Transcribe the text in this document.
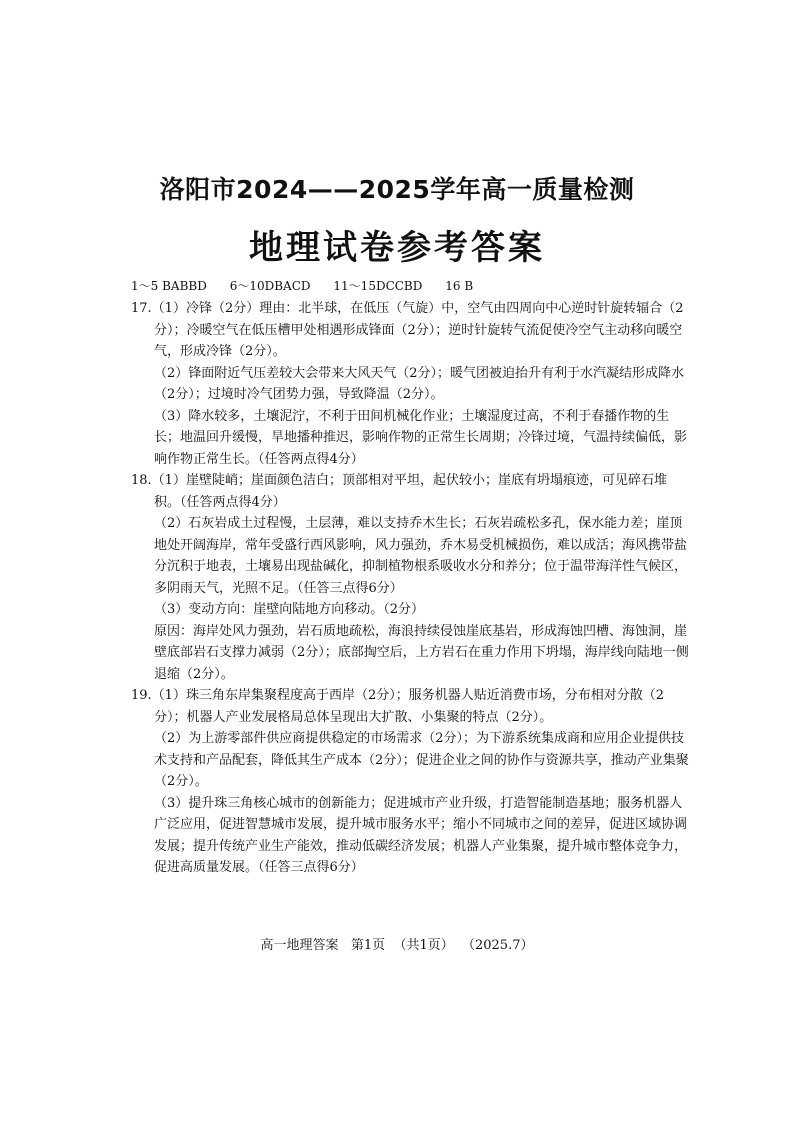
洛阳市2024——2025学年高一质量检测
地理试卷参考答案
1～5 BABBD      6～10DBACD      11～15DCCBD      16 B

17.（1）冷锋（2分）理由：北半球，在低压（气旋）中，空气由四周向中心逆时针旋转辐合（2分）；冷暖空气在低压槽甲处相遇形成锋面（2分）；逆时针旋转气流促使冷空气主动移向暖空气，形成冷锋（2分）。

（2）锋面附近气压差较大会带来大风天气（2分）；暖气团被迫抬升有利于水汽凝结形成降水（2分）；过境时冷气团势力强，导致降温（2分）。

（3）降水较多，土壤泥泞，不利于田间机械化作业；土壤湿度过高，不利于春播作物的生长；地温回升缓慢，旱地播种推迟，影响作物的正常生长周期；冷锋过境，气温持续偏低，影响作物正常生长。（任答两点得4分）

18.（1）崖壁陡峭；崖面颜色洁白；顶部相对平坦，起伏较小；崖底有坍塌痕迹，可见碎石堆积。（任答两点得4分）

（2）石灰岩成土过程慢，土层薄，难以支持乔木生长；石灰岩疏松多孔，保水能力差；崖顶地处开阔海岸，常年受盛行西风影响，风力强劲，乔木易受机械损伤，难以成活；海风携带盐分沉积于地表，土壤易出现盐碱化，抑制植物根系吸收水分和养分；位于温带海洋性气候区，多阴雨天气，光照不足。（任答三点得6分）

（3）变动方向：崖壁向陆地方向移动。（2分）

原因：海岸处风力强劲，岩石质地疏松，海浪持续侵蚀崖底基岩，形成海蚀凹槽、海蚀洞，崖壁底部岩石支撑力减弱（2分）；底部掏空后，上方岩石在重力作用下坍塌，海岸线向陆地一侧退缩（2分）。

19.（1）珠三角东岸集聚程度高于西岸（2分）；服务机器人贴近消费市场，分布相对分散（2分）；机器人产业发展格局总体呈现出大扩散、小集聚的特点（2分）。

（2）为上游零部件供应商提供稳定的市场需求（2分）；为下游系统集成商和应用企业提供技术支持和产品配套，降低其生产成本（2分）；促进企业之间的协作与资源共享，推动产业集聚（2分）。

（3）提升珠三角核心城市的创新能力；促进城市产业升级，打造智能制造基地；服务机器人广泛应用，促进智慧城市发展，提升城市服务水平；缩小不同城市之间的差异，促进区域协调发展；提升传统产业生产能效，推动低碳经济发展；机器人产业集聚，提升城市整体竞争力，促进高质量发展。（任答三点得6分）

高一地理答案   第1页  （共1页）  （2025.7）
